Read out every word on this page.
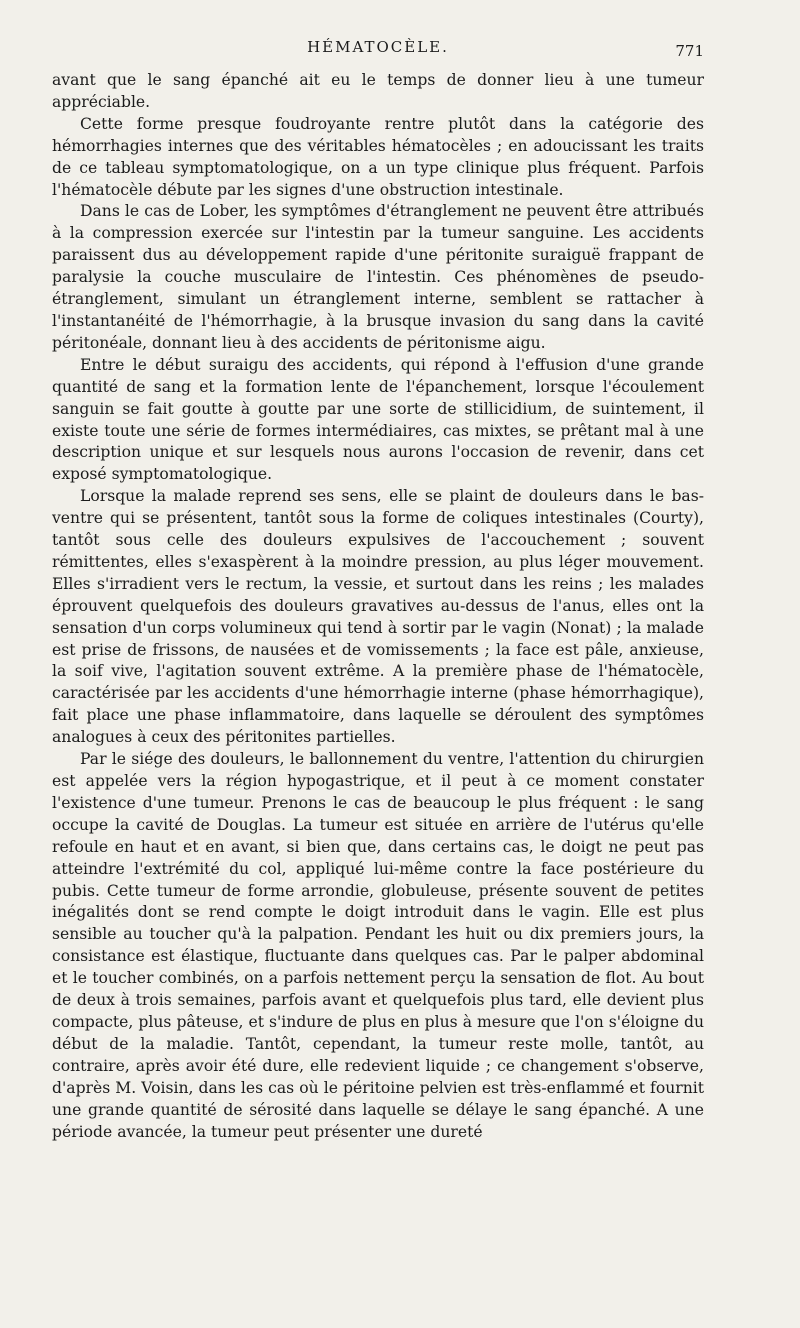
HÉMATOCÈLE.	771

avant que le sang épanché ait eu le temps de donner lieu à une tumeur appréciable.

Cette forme presque foudroyante rentre plutôt dans la catégorie des hémorrhagies internes que des véritables hématocèles ; en adoucissant les traits de ce tableau symptomatologique, on a un type clinique plus fréquent. Parfois l'hématocèle débute par les signes d'une obstruction intestinale.

Dans le cas de Lober, les symptômes d'étranglement ne peuvent être attribués à la compression exercée sur l'intestin par la tumeur sanguine. Les accidents paraissent dus au développement rapide d'une péritonite suraiguë frappant de paralysie la couche musculaire de l'intestin. Ces phénomènes de pseudo-étranglement, simulant un étranglement interne, semblent se rattacher à l'instantanéité de l'hémorrhagie, à la brusque invasion du sang dans la cavité péritonéale, donnant lieu à des accidents de péritonisme aigu.

Entre le début suraigu des accidents, qui répond à l'effusion d'une grande quantité de sang et la formation lente de l'épanchement, lorsque l'écoulement sanguin se fait goutte à goutte par une sorte de stillicidium, de suintement, il existe toute une série de formes intermédiaires, cas mixtes, se prêtant mal à une description unique et sur lesquels nous aurons l'occasion de revenir, dans cet exposé symptomatologique.

Lorsque la malade reprend ses sens, elle se plaint de douleurs dans le bas-ventre qui se présentent, tantôt sous la forme de coliques intestinales (Courty), tantôt sous celle des douleurs expulsives de l'accouchement ; souvent rémittentes, elles s'exaspèrent à la moindre pression, au plus léger mouvement. Elles s'irradient vers le rectum, la vessie, et surtout dans les reins ; les malades éprouvent quelquefois des douleurs gravatives au-dessus de l'anus, elles ont la sensation d'un corps volumineux qui tend à sortir par le vagin (Nonat) ; la malade est prise de frissons, de nausées et de vomissements ; la face est pâle, anxieuse, la soif vive, l'agitation souvent extrême. A la première phase de l'hématocèle, caractérisée par les accidents d'une hémorrhagie interne (phase hémorrhagique), fait place une phase inflammatoire, dans laquelle se déroulent des symptômes analogues à ceux des péritonites partielles.

Par le siége des douleurs, le ballonnement du ventre, l'attention du chirurgien est appelée vers la région hypogastrique, et il peut à ce moment constater l'existence d'une tumeur. Prenons le cas de beaucoup le plus fréquent : le sang occupe la cavité de Douglas. La tumeur est située en arrière de l'utérus qu'elle refoule en haut et en avant, si bien que, dans certains cas, le doigt ne peut pas atteindre l'extrémité du col, appliqué lui-même contre la face postérieure du pubis. Cette tumeur de forme arrondie, globuleuse, présente souvent de petites inégalités dont se rend compte le doigt introduit dans le vagin. Elle est plus sensible au toucher qu'à la palpation. Pendant les huit ou dix premiers jours, la consistance est élastique, fluctuante dans quelques cas. Par le palper abdominal et le toucher combinés, on a parfois nettement perçu la sensation de flot. Au bout de deux à trois semaines, parfois avant et quelquefois plus tard, elle devient plus compacte, plus pâteuse, et s'indure de plus en plus à mesure que l'on s'éloigne du début de la maladie. Tantôt, cependant, la tumeur reste molle, tantôt, au contraire, après avoir été dure, elle redevient liquide ; ce changement s'observe, d'après M. Voisin, dans les cas où le péritoine pelvien est très-enflammé et fournit une grande quantité de sérosité dans laquelle se délaye le sang épanché. A une période avancée, la tumeur peut présenter une dureté
